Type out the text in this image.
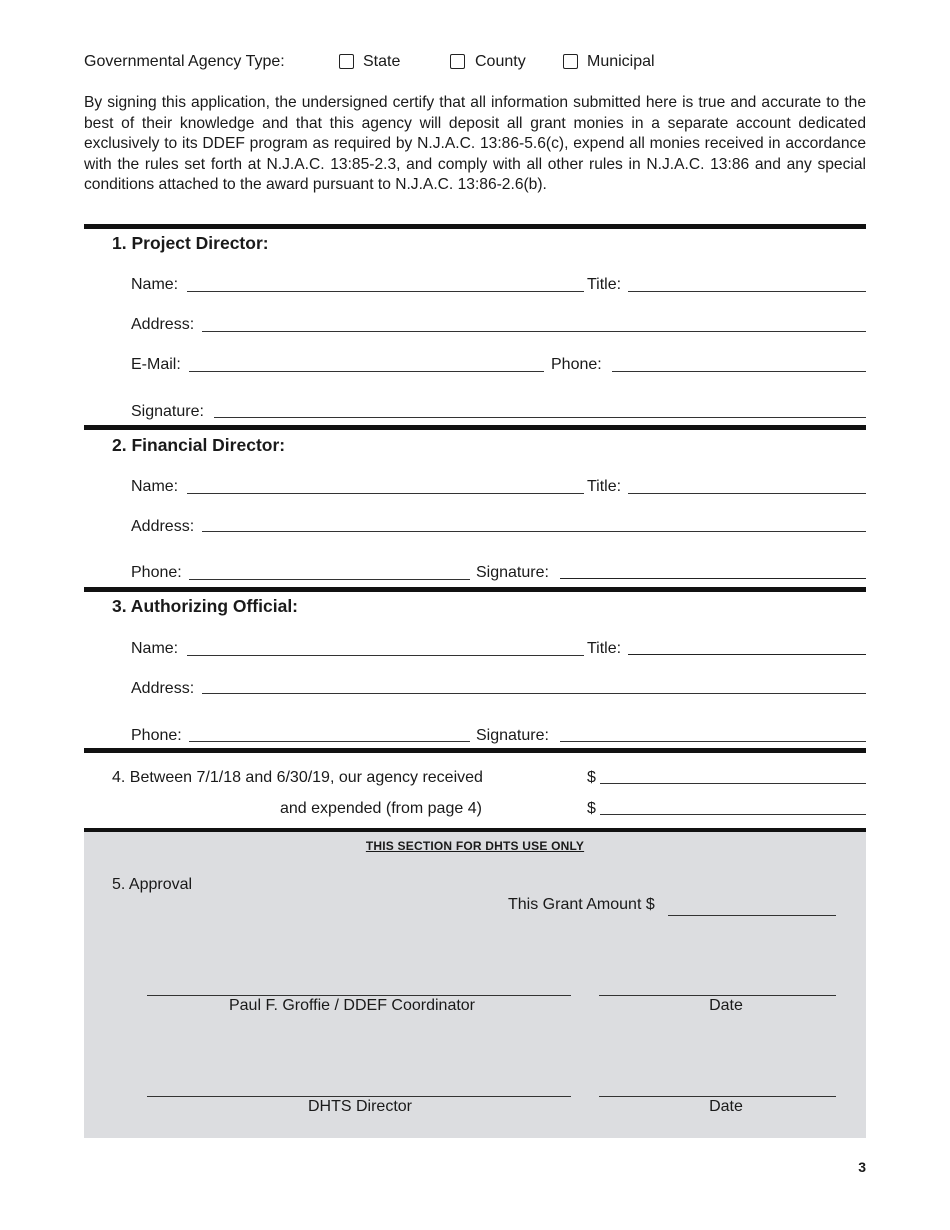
Governmental Agency Type:	State	County	Municipal
By signing this application, the undersigned certify that all information submitted here is true and accurate to the best of their knowledge and that this agency will deposit all grant monies in a separate account dedicated exclusively to its DDEF program as required by N.J.A.C. 13:86-5.6(c), expend all monies received in accordance with the rules set forth at N.J.A.C. 13:85-2.3, and comply with all other rules in N.J.A.C. 13:86 and any special conditions attached to the award pursuant to N.J.A.C. 13:86-2.6(b).
1. Project Director:
Name:	Title:
Address:
E-Mail:	Phone:
Signature:
2. Financial Director:
Name:	Title:
Address:
Phone:	Signature:
3. Authorizing Official:
Name:	Title:
Address:
Phone:	Signature:
4. Between 7/1/18 and 6/30/19, our agency received	$
and expended (from page 4)	$
THIS SECTION FOR DHTS USE ONLY
5. Approval
This Grant Amount $
Paul F. Groffie / DDEF Coordinator	Date
DHTS Director	Date
3
